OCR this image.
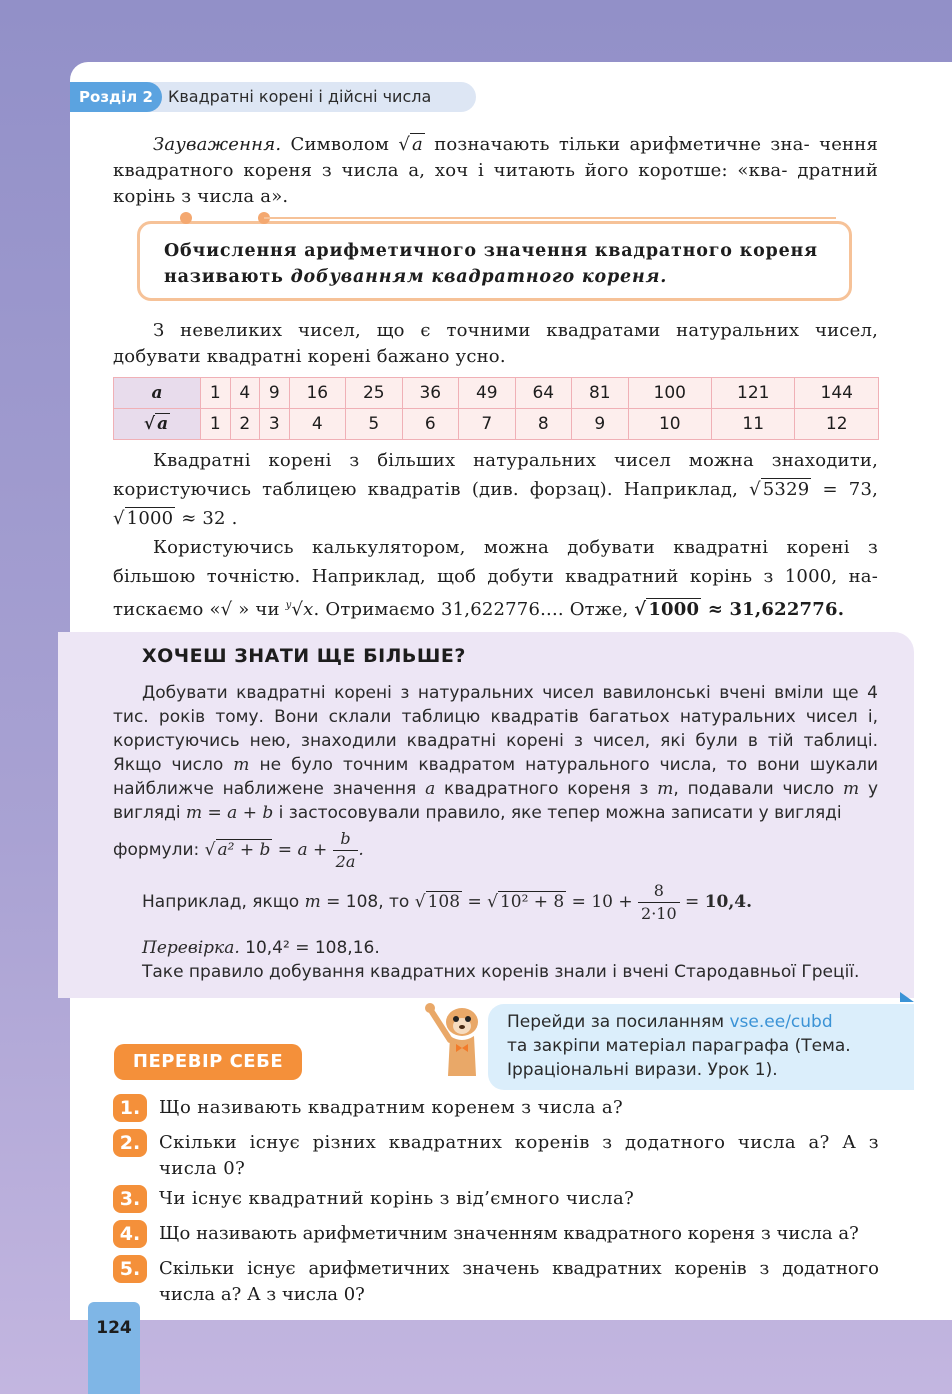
Розділ 2 Квадратні корені і дійсні числа
Зауваження. Символом √ a позначають тільки арифметичне зна- чення квадратного кореня з числа a, хоч і читають його коротше: «ква- дратний корінь з числа a».
Обчислення арифметичного значення квадратного кореня
називають добуванням квадратного кореня.
З невеликих чисел, що є точними квадратами натуральних чисел, добувати квадратні корені бажано усно.
a	1	4	9	16	25	36	49	64	81	100	121	144
√ a	1	2	3	4	5	6	7	8	9	10	11	12
Квадратні корені з більших натуральних чисел можна знаходити, користуючись таблицею квадратів (див. форзац). Наприклад, √ 5329 = 73, √ 1000 ≈ 32 .
Користуючись калькулятором, можна добувати квадратні корені з більшою точністю. Наприклад, щоб добути квадратний корінь з 1000, на- тискаємо «√ » чи $^y$√x. Отримаємо 31,622776.... Отже, √ 1000 ≈ 31,622776.
ХОЧЕШ ЗНАТИ ЩЕ БІЛЬШЕ?
Добувати квадратні корені з натуральних чисел вавилонські вчені вміли ще 4 тис. років тому. Вони склали таблицю квадратів багатьох натуральних чисел і, користуючись нею, знаходили квадратні корені з чисел, які були в тій таблиці. Якщо число m не було точним квадратом натурального числа, то вони шукали найближче наближене значення a квадратного кореня з m, подавали число m у вигляді m = a + b і застосовували правило, яке тепер можна записати у вигляді
формули: √ $a^2 + b = a + \frac{b}{2a}$ .
Наприклад, якщо m = 108, то √ 108 = √ $10^2 + 8 = 10 + \frac{8}{2\cdot 10} = 10,4$.
Перевірка. 10,4² = 108,16.
Таке правило добування квадратних коренів знали і вчені Стародавньої Греції.
Перейди за посиланням vse.ee/cubd
та закріпи матеріал параграфа (Тема.
Ірраціональні вирази. Урок 1).
ПЕРЕВІР СЕБЕ
1.	Що називають квадратним коренем з числа a?
2.	Скільки існує різних квадратних коренів з додатного числа a? А з числа 0?
3.	Чи існує квадратний корінь з від’ємного числа?
4.	Що називають арифметичним значенням квадратного кореня з числа a?
5.	Скільки існує арифметичних значень квадратних коренів з додатного числа a? А з числа 0?
124
